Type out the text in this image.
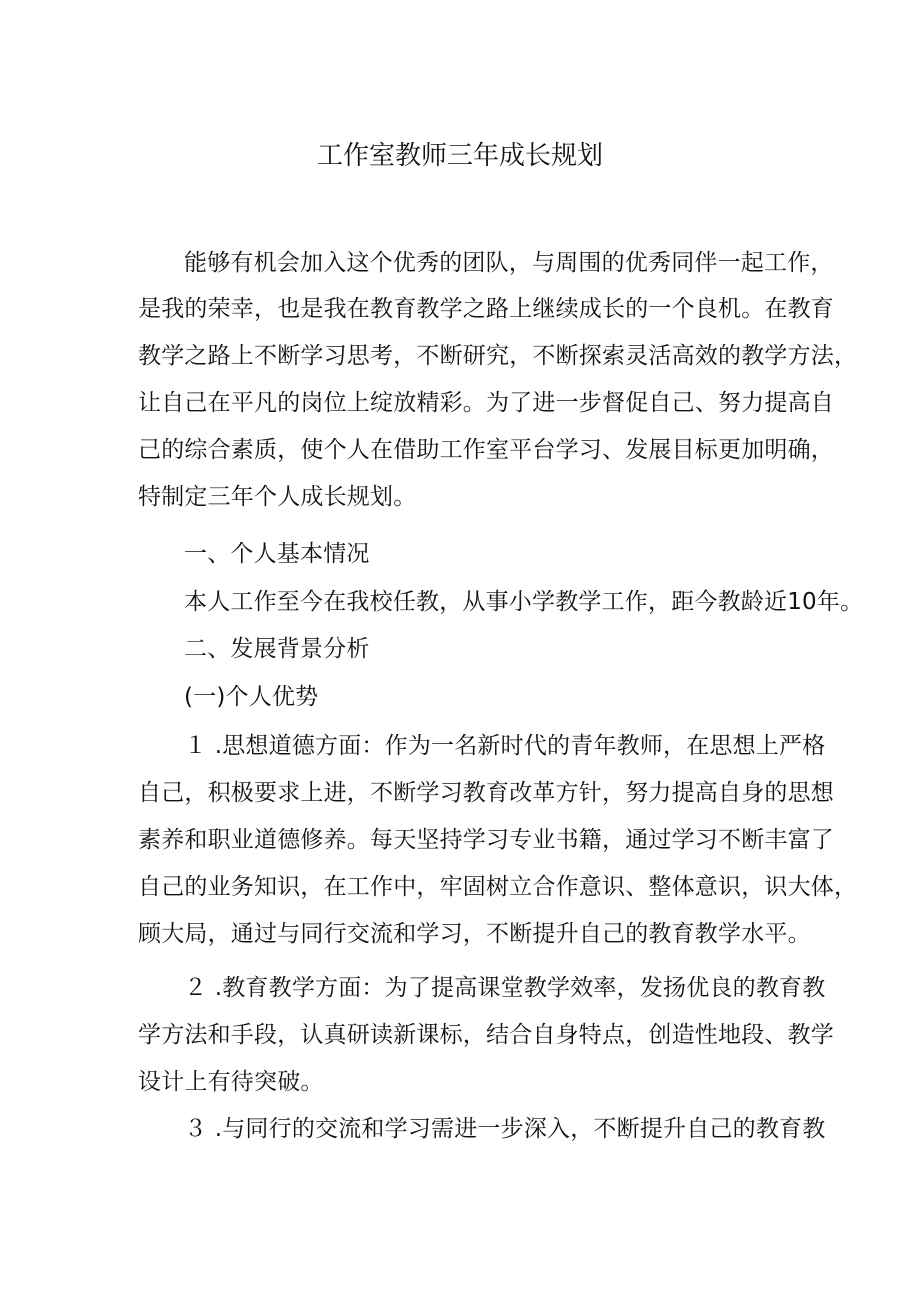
工作室教师三年成长规划
能够有机会加入这个优秀的团队，与周围的优秀同伴一起工作，
是我的荣幸，也是我在教育教学之路上继续成长的一个良机。在教育
教学之路上不断学习思考，不断研究，不断探索灵活高效的教学方法，
让自己在平凡的岗位上绽放精彩。为了进一步督促自己、努力提高自
己的综合素质，使个人在借助工作室平台学习、发展目标更加明确，
特制定三年个人成长规划。
一、个人基本情况
本人工作至今在我校任教，从事小学教学工作，距今教龄近10年。
二、发展背景分析
(一)个人优势
１ .思想道德方面：作为一名新时代的青年教师，在思想上严格
自己，积极要求上进，不断学习教育改革方针，努力提高自身的思想
素养和职业道德修养。每天坚持学习专业书籍，通过学习不断丰富了
自己的业务知识，在工作中，牢固树立合作意识、整体意识，识大体，
顾大局，通过与同行交流和学习，不断提升自己的教育教学水平。
２ .教育教学方面：为了提高课堂教学效率，发扬优良的教育教
学方法和手段，认真研读新课标，结合自身特点，创造性地段、教学
设计上有待突破。
３ .与同行的交流和学习需进一步深入，不断提升自己的教育教
